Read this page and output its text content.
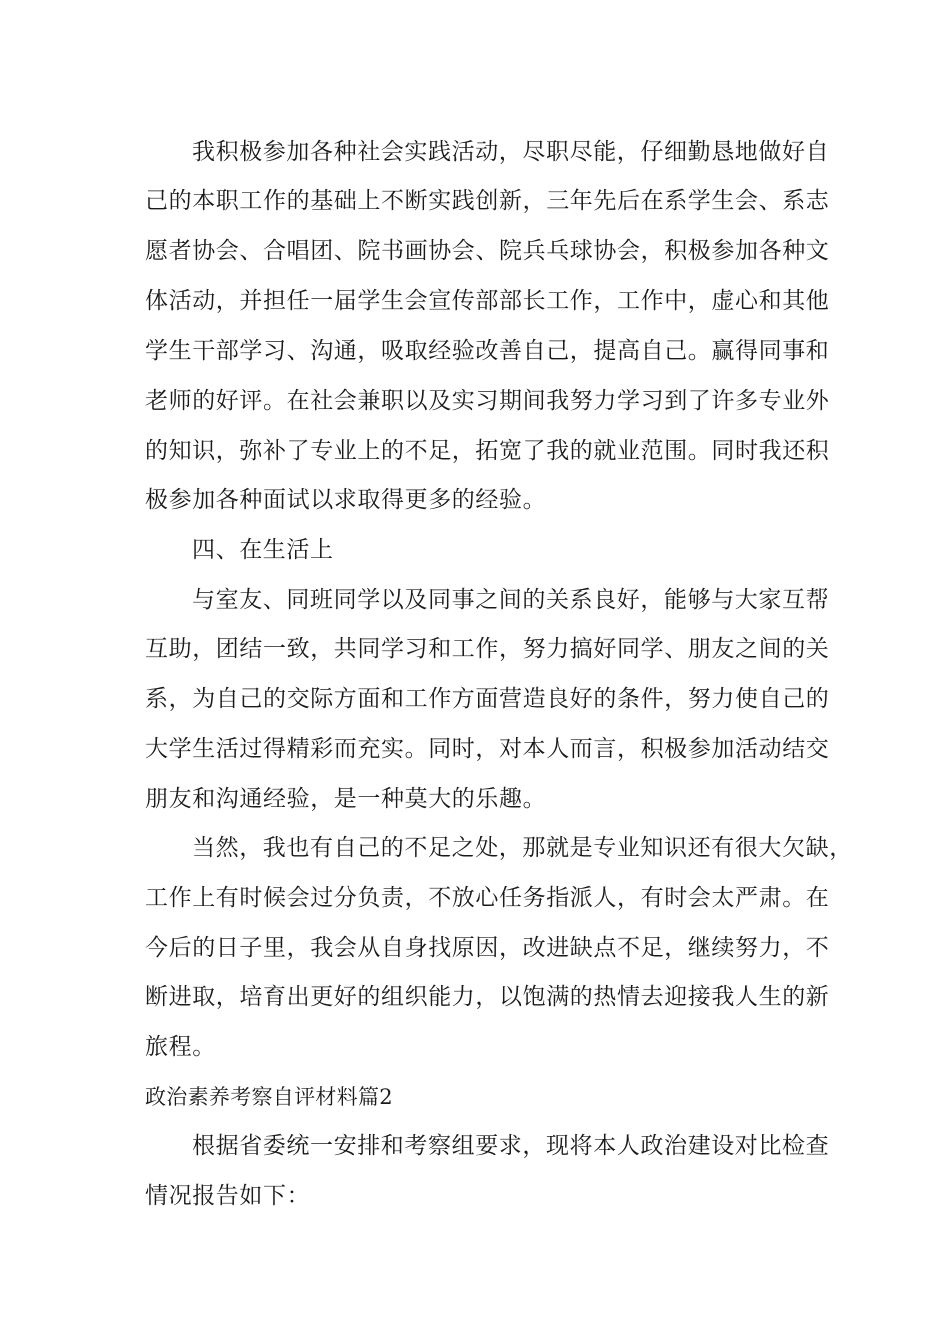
我积极参加各种社会实践活动，尽职尽能，仔细勤恳地做好自
己的本职工作的基础上不断实践创新，三年先后在系学生会、系志
愿者协会、合唱团、院书画协会、院兵乓球协会，积极参加各种文
体活动，并担任一届学生会宣传部部长工作，工作中，虚心和其他
学生干部学习、沟通，吸取经验改善自己，提高自己。赢得同事和
老师的好评。在社会兼职以及实习期间我努力学习到了许多专业外
的知识，弥补了专业上的不足，拓宽了我的就业范围。同时我还积
极参加各种面试以求取得更多的经验。
四、在生活上
与室友、同班同学以及同事之间的关系良好，能够与大家互帮
互助，团结一致，共同学习和工作，努力搞好同学、朋友之间的关
系，为自己的交际方面和工作方面营造良好的条件，努力使自己的
大学生活过得精彩而充实。同时，对本人而言，积极参加活动结交
朋友和沟通经验，是一种莫大的乐趣。
当然，我也有自己的不足之处，那就是专业知识还有很大欠缺，
工作上有时候会过分负责，不放心任务指派人，有时会太严肃。在
今后的日子里，我会从自身找原因，改进缺点不足，继续努力，不
断进取，培育出更好的组织能力，以饱满的热情去迎接我人生的新
旅程。
政治素养考察自评材料篇2
根据省委统一安排和考察组要求，现将本人政治建设对比检查
情况报告如下：
